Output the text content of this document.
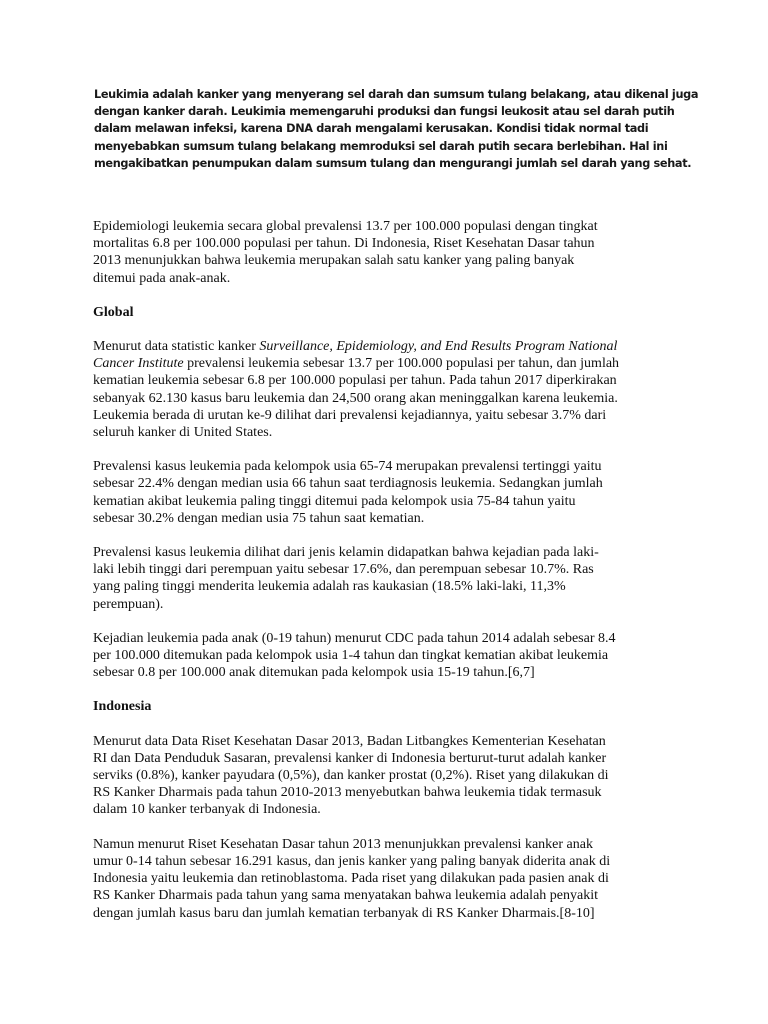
Leukimia adalah kanker yang menyerang sel darah dan sumsum tulang belakang, atau dikenal juga
dengan kanker darah. Leukimia memengaruhi produksi dan fungsi leukosit atau sel darah putih
dalam melawan infeksi, karena DNA darah mengalami kerusakan. Kondisi tidak normal tadi
menyebabkan sumsum tulang belakang memroduksi sel darah putih secara berlebihan. Hal ini
mengakibatkan penumpukan dalam sumsum tulang dan mengurangi jumlah sel darah yang sehat.

Epidemiologi leukemia secara global prevalensi 13.7 per 100.000 populasi dengan tingkat
mortalitas 6.8 per 100.000 populasi per tahun. Di Indonesia, Riset Kesehatan Dasar tahun
2013 menunjukkan bahwa leukemia merupakan salah satu kanker yang paling banyak
ditemui pada anak-anak.

Global

Menurut data statistic kanker Surveillance, Epidemiology, and End Results Program National
Cancer Institute prevalensi leukemia sebesar 13.7 per 100.000 populasi per tahun, dan jumlah
kematian leukemia sebesar 6.8 per 100.000 populasi per tahun. Pada tahun 2017 diperkirakan
sebanyak 62.130 kasus baru leukemia dan 24,500 orang akan meninggalkan karena leukemia.
Leukemia berada di urutan ke-9 dilihat dari prevalensi kejadiannya, yaitu sebesar 3.7% dari
seluruh kanker di United States.

Prevalensi kasus leukemia pada kelompok usia 65-74 merupakan prevalensi tertinggi yaitu
sebesar 22.4% dengan median usia 66 tahun saat terdiagnosis leukemia. Sedangkan jumlah
kematian akibat leukemia paling tinggi ditemui pada kelompok usia 75-84 tahun yaitu
sebesar 30.2% dengan median usia 75 tahun saat kematian.

Prevalensi kasus leukemia dilihat dari jenis kelamin didapatkan bahwa kejadian pada laki-
laki lebih tinggi dari perempuan yaitu sebesar 17.6%, dan perempuan sebesar 10.7%. Ras
yang paling tinggi menderita leukemia adalah ras kaukasian (18.5% laki-laki, 11,3%
perempuan).

Kejadian leukemia pada anak (0-19 tahun) menurut CDC pada tahun 2014 adalah sebesar 8.4
per 100.000 ditemukan pada kelompok usia 1-4 tahun dan tingkat kematian akibat leukemia
sebesar 0.8 per 100.000 anak ditemukan pada kelompok usia 15-19 tahun.[6,7]

Indonesia

Menurut data Data Riset Kesehatan Dasar 2013, Badan Litbangkes Kementerian Kesehatan
RI dan Data Penduduk Sasaran, prevalensi kanker di Indonesia berturut-turut adalah kanker
serviks (0.8%), kanker payudara (0,5%), dan kanker prostat (0,2%). Riset yang dilakukan di
RS Kanker Dharmais pada tahun 2010-2013 menyebutkan bahwa leukemia tidak termasuk
dalam 10 kanker terbanyak di Indonesia.

Namun menurut Riset Kesehatan Dasar tahun 2013 menunjukkan prevalensi kanker anak
umur 0-14 tahun sebesar 16.291 kasus, dan jenis kanker yang paling banyak diderita anak di
Indonesia yaitu leukemia dan retinoblastoma. Pada riset yang dilakukan pada pasien anak di
RS Kanker Dharmais pada tahun yang sama menyatakan bahwa leukemia adalah penyakit
dengan jumlah kasus baru dan jumlah kematian terbanyak di RS Kanker Dharmais.[8-10]
